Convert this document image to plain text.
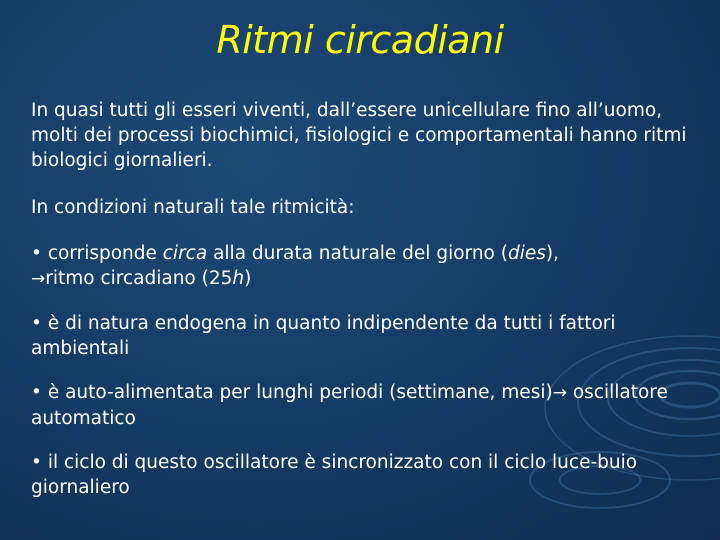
Ritmi circadiani

In quasi tutti gli esseri viventi, dall’essere unicellulare fino all’uomo, molti dei processi biochimici, fisiologici e comportamentali hanno ritmi biologici giornalieri.

In condizioni naturali tale ritmicità:

• corrisponde circa alla durata naturale del giorno (dies),
→ritmo circadiano (25h)

• è di natura endogena in quanto indipendente da tutti i fattori ambientali

• è auto-alimentata per lunghi periodi (settimane, mesi)→ oscillatore automatico

• il ciclo di questo oscillatore è sincronizzato con il ciclo luce-buio giornaliero
